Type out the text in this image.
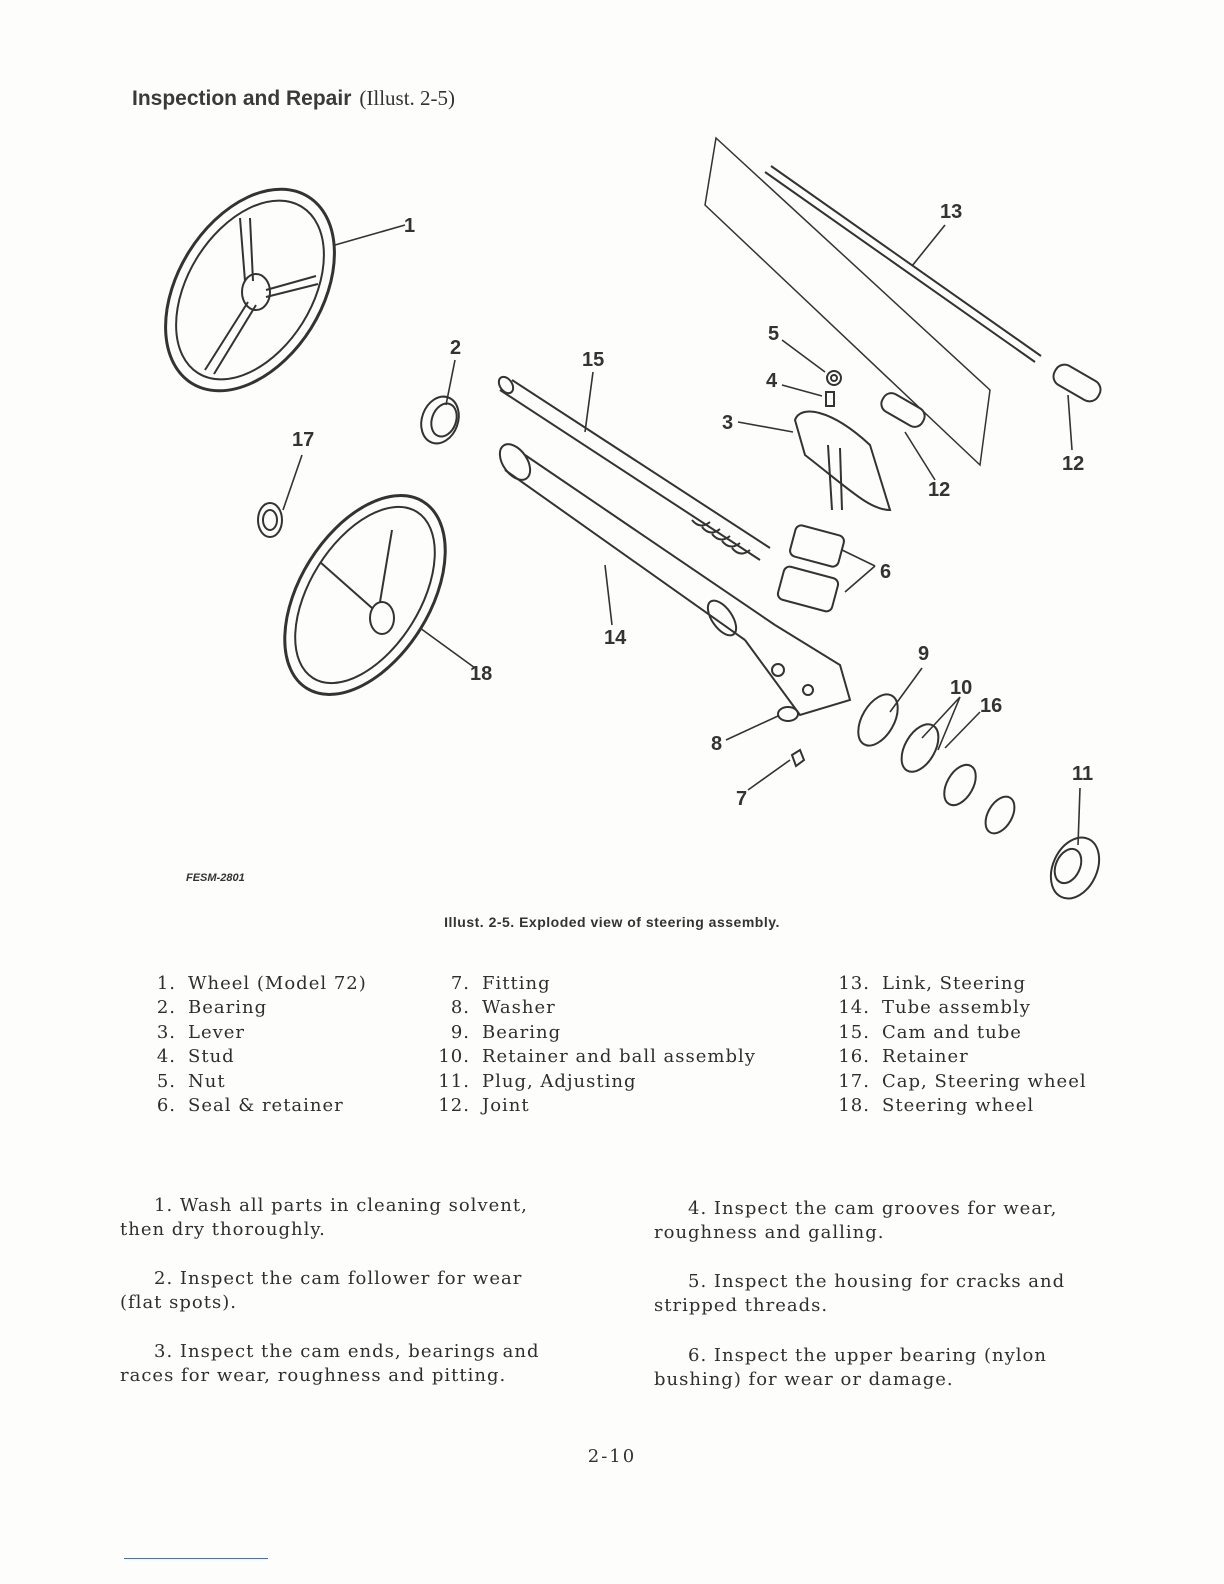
Inspection and Repair (Illust. 2-5)
1
2
3
4
5
6
7
8
9
10
11
12
12
13
14
15
16
17
18
FESM-2801
Illust. 2-5. Exploded view of steering assembly.
1. Wheel (Model 72)
2. Bearing
3. Lever
4. Stud
5. Nut
6. Seal & retainer
7. Fitting
8. Washer
9. Bearing
10. Retainer and ball assembly
11. Plug, Adjusting
12. Joint
13. Link, Steering
14. Tube assembly
15. Cam and tube
16. Retainer
17. Cap, Steering wheel
18. Steering wheel
1. Wash all parts in cleaning solvent, then dry thoroughly.
2. Inspect the cam follower for wear (flat spots).
3. Inspect the cam ends, bearings and races for wear, roughness and pitting.
4. Inspect the cam grooves for wear, roughness and galling.
5. Inspect the housing for cracks and stripped threads.
6. Inspect the upper bearing (nylon bushing) for wear or damage.
2-10
